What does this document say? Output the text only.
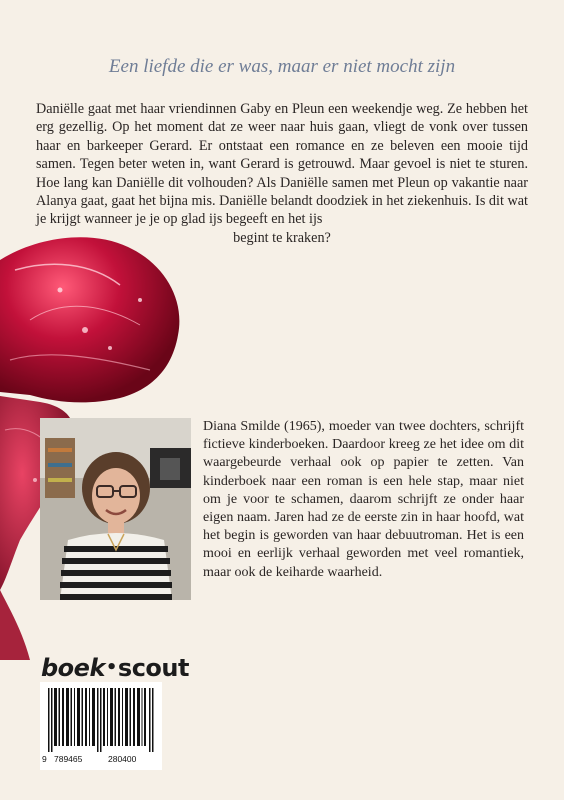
Een liefde die er was, maar er niet mocht zijn

Daniëlle gaat met haar vriendinnen Gaby en Pleun een weekendje weg. Ze hebben het erg gezellig. Op het moment dat ze weer naar huis gaan, vliegt de vonk over tussen haar en barkeeper Gerard. Er ontstaat een romance en ze beleven een mooie tijd samen. Tegen beter weten in, want Gerard is getrouwd. Maar gevoel is niet te sturen. Hoe lang kan Daniëlle dit volhouden? Als Daniëlle samen met Pleun op vakantie naar Alanya gaat, gaat het bijna mis. Daniëlle belandt doodziek in het ziekenhuis. Is dit wat je krijgt wanneer je je op glad ijs begeeft en het ijs
begint te kraken?

Diana Smilde (1965), moeder van twee dochters, schrijft fictieve kinderboeken. Daardoor kreeg ze het idee om dit waargebeurde verhaal ook op papier te zetten. Van kinderboek naar een roman is een hele stap, maar niet om je voor te schamen, daarom schrijft ze onder haar eigen naam. Jaren had ze de eerste zin in haar hoofd, wat het begin is geworden van haar debuutroman. Het is een mooi en eerlijk verhaal geworden met veel romantiek, maar ook de keiharde waarheid.

boek•scout
9 789465	280400
